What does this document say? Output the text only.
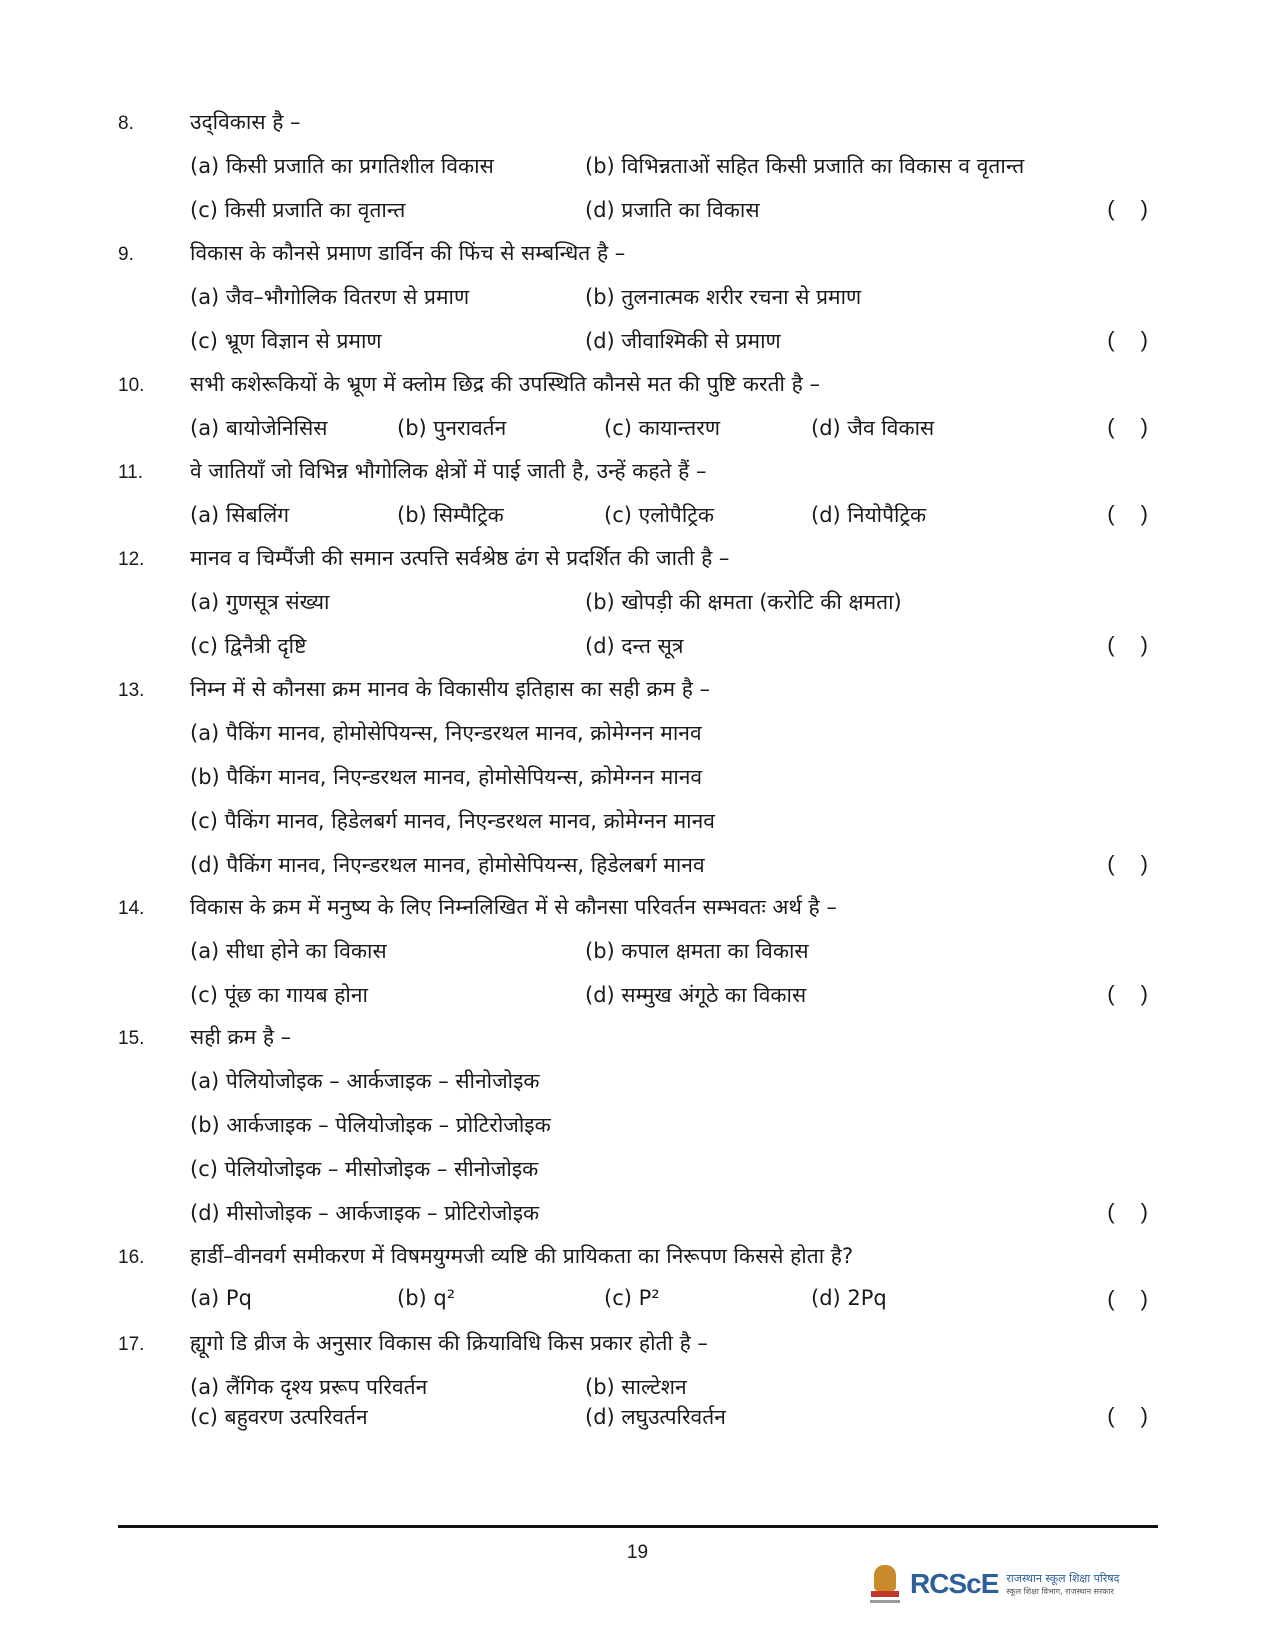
8.	उद्‌विकास है –
(a) किसी प्रजाति का प्रगतिशील विकास	(b) विभिन्नताओं सहित किसी प्रजाति का विकास व वृतान्त
(c) किसी प्रजाति का वृतान्त	(d) प्रजाति का विकास	( )
9.	विकास के कौनसे प्रमाण डार्विन की फिंच से सम्बन्धित है –
(a) जैव–भौगोलिक वितरण से प्रमाण	(b) तुलनात्मक शरीर रचना से प्रमाण
(c) भ्रूण विज्ञान से प्रमाण	(d) जीवाश्मिकी से प्रमाण	( )
10.	सभी कशेरूकियों के भ्रूण में क्लोम छिद्र की उपस्थिति कौनसे मत की पुष्टि करती है –
(a) बायोजेनिसिस	(b) पुनरावर्तन	(c) कायान्तरण	(d) जैव विकास	( )
11.	वे जातियाँ जो विभिन्न भौगोलिक क्षेत्रों में पाई जाती है, उन्हें कहते हैं –
(a) सिबलिंग	(b) सिम्पैट्रिक	(c) एलोपैट्रिक	(d) नियोपैट्रिक	( )
12.	मानव व चिम्पैंजी की समान उत्पत्ति सर्वश्रेष्ठ ढंग से प्रदर्शित की जाती है –
(a) गुणसूत्र संख्या	(b) खोपड़ी की क्षमता (करोटि की क्षमता)
(c) द्विनैत्री दृष्टि	(d) दन्त सूत्र	( )
13.	निम्न में से कौनसा क्रम मानव के विकासीय इतिहास का सही क्रम है –
(a) पैकिंग मानव, होमोसेपियन्स, निएन्डरथल मानव, क्रोमेग्नन मानव
(b) पैकिंग मानव, निएन्डरथल मानव, होमोसेपियन्स, क्रोमेग्नन मानव
(c) पैकिंग मानव, हिडेलबर्ग मानव, निएन्डरथल मानव, क्रोमेग्नन मानव
(d) पैकिंग मानव, निएन्डरथल मानव, होमोसेपियन्स, हिडेलबर्ग मानव	( )
14.	विकास के क्रम में मनुष्य के लिए निम्नलिखित में से कौनसा परिवर्तन सम्भवतः अर्थ है –
(a) सीधा होने का विकास	(b) कपाल क्षमता का विकास
(c) पूंछ का गायब होना	(d) सम्मुख अंगूठे का विकास	( )
15.	सही क्रम है –
(a) पेलियोजोइक – आर्कजाइक – सीनोजोइक
(b) आर्कजाइक – पेलियोजोइक – प्रोटिरोजोइक
(c) पेलियोजोइक – मीसोजोइक – सीनोजोइक
(d) मीसोजोइक – आर्कजाइक – प्रोटिरोजोइक	( )
16.	हार्डी–वीनवर्ग समीकरण में विषमयुग्मजी व्यष्टि की प्रायिकता का निरूपण किससे होता है?
(a) Pq	(b) q²	(c) P²	(d) 2Pq	( )
17.	ह्यूगो डि व्रीज के अनुसार विकास की क्रियाविधि किस प्रकार होती है –
(a) लैंगिक दृश्य प्ररूप परिवर्तन	(b) साल्टेशन
(c) बहुवरण उत्परिवर्तन	(d) लघुउत्परिवर्तन	( )
19
RCScE राजस्थान स्कूल शिक्षा परिषद
स्कूल शिक्षा विभाग, राजस्थान सरकार
